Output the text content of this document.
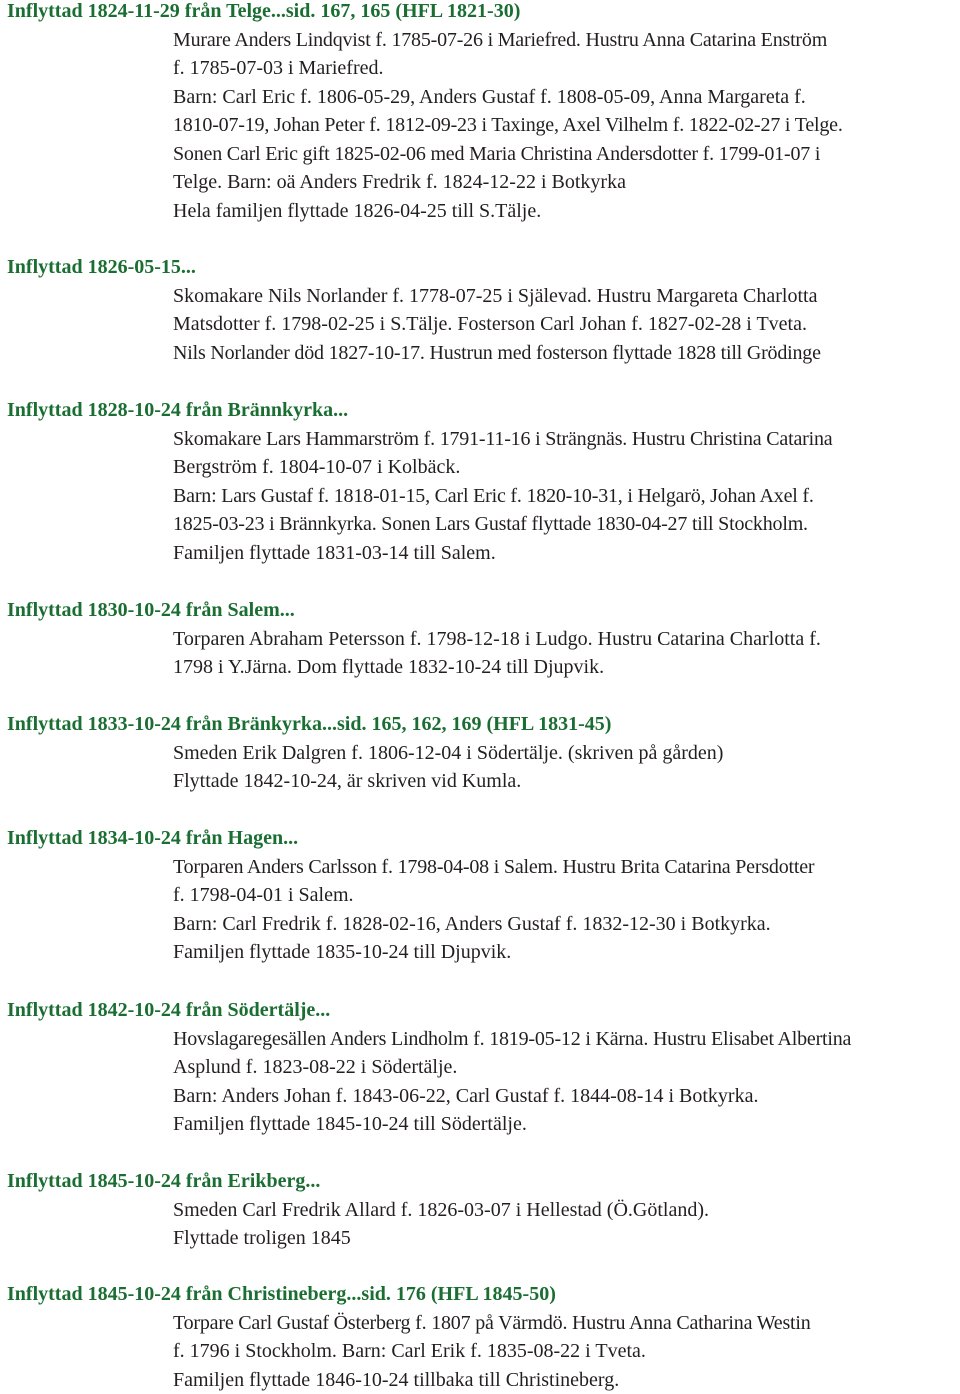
Inflyttad 1824-11-29 från Telge...sid. 167, 165 (HFL 1821-30)
Murare Anders Lindqvist f. 1785-07-26 i Mariefred. Hustru Anna Catarina Enström
f. 1785-07-03 i Mariefred.
Barn: Carl Eric f. 1806-05-29, Anders Gustaf f. 1808-05-09, Anna Margareta f.
1810-07-19, Johan Peter f. 1812-09-23 i Taxinge, Axel Vilhelm f. 1822-02-27 i Telge.
Sonen Carl Eric gift 1825-02-06 med Maria Christina Andersdotter f. 1799-01-07 i
Telge. Barn: oä Anders Fredrik f. 1824-12-22 i Botkyrka
Hela familjen flyttade 1826-04-25 till S.Tälje.
Inflyttad 1826-05-15...
Skomakare Nils Norlander f. 1778-07-25 i Själevad. Hustru Margareta Charlotta
Matsdotter f. 1798-02-25 i S.Tälje. Fosterson Carl Johan f. 1827-02-28 i Tveta.
Nils Norlander död 1827-10-17. Hustrun med fosterson flyttade 1828 till Grödinge
Inflyttad 1828-10-24 från Brännkyrka...
Skomakare Lars Hammarström f. 1791-11-16 i Strängnäs. Hustru Christina Catarina
Bergström f. 1804-10-07 i Kolbäck.
Barn: Lars Gustaf f. 1818-01-15, Carl Eric f. 1820-10-31, i Helgarö, Johan Axel f.
1825-03-23 i Brännkyrka. Sonen Lars Gustaf flyttade 1830-04-27 till Stockholm.
Familjen flyttade 1831-03-14 till Salem.
Inflyttad 1830-10-24 från Salem...
Torparen Abraham Petersson f. 1798-12-18 i Ludgo. Hustru Catarina Charlotta f.
1798 i Y.Järna. Dom flyttade 1832-10-24 till Djupvik.
Inflyttad 1833-10-24 från Bränkyrka...sid. 165, 162, 169 (HFL 1831-45)
Smeden Erik Dalgren f. 1806-12-04 i Södertälje. (skriven på gården)
Flyttade 1842-10-24, är skriven vid Kumla.
Inflyttad 1834-10-24 från Hagen...
Torparen Anders Carlsson f. 1798-04-08 i Salem. Hustru Brita Catarina Persdotter
f. 1798-04-01 i Salem.
Barn: Carl Fredrik f. 1828-02-16, Anders Gustaf f. 1832-12-30 i Botkyrka.
Familjen flyttade 1835-10-24 till Djupvik.
Inflyttad 1842-10-24 från Södertälje...
Hovslagaregesällen Anders Lindholm f. 1819-05-12 i Kärna. Hustru Elisabet Albertina
Asplund f. 1823-08-22 i Södertälje.
Barn: Anders Johan f. 1843-06-22, Carl Gustaf f. 1844-08-14 i Botkyrka.
Familjen flyttade 1845-10-24 till Södertälje.
Inflyttad 1845-10-24 från Erikberg...
Smeden Carl Fredrik Allard f. 1826-03-07 i Hellestad (Ö.Götland).
Flyttade troligen 1845
Inflyttad 1845-10-24 från Christineberg...sid. 176 (HFL 1845-50)
Torpare Carl Gustaf Österberg f. 1807 på Värmdö. Hustru Anna Catharina Westin
f. 1796 i Stockholm. Barn: Carl Erik f. 1835-08-22 i Tveta.
Familjen flyttade 1846-10-24 tillbaka till Christineberg.
